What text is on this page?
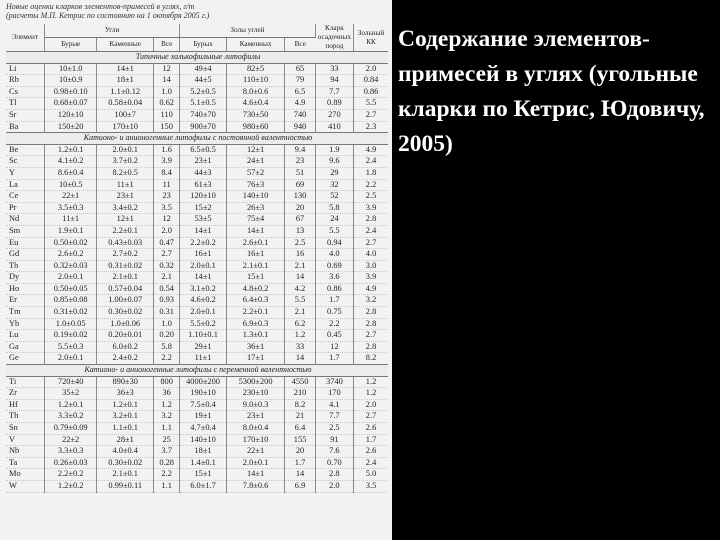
Новые оценки кларков элементов-примесей в углях, г/т
(расчеты М.П. Кетрис по состоянию на 1 октября 2005 г.)
Элемент	Угли			Золы углей			Кларк осадочных пород	Зольный КК
	Бурые	Каменные	Все	Бурых	Каменных	Все		
Типичные халькофильные литофилы								
Li	10±1.0	14±1	12	49±4	82±5	65	33	2.0
Rb	10±0.9	18±1	14	44±5	110±10	79	94	0.84
Cs	0.98±0.10	1.1±0.12	1.0	5.2±0.5	8.0±0.6	6.5	7.7	0.86
Tl	0.68±0.07	0.58±0.04	0.62	5.1±0.5	4.6±0.4	4.9	0.89	5.5
Sr	120±10	100±7	110	740±70	730±50	740	270	2.7
Ba	150±20	170±10	150	900±70	980±60	940	410	2.3
Катионо- и анионогенные литофилы с постоянной валентностью								
Be	1.2±0.1	2.0±0.1	1.6	6.5±0.5	12±1	9.4	1.9	4.9
Sc	4.1±0.2	3.7±0.2	3.9	23±1	24±1	23	9.6	2.4
Y	8.6±0.4	8.2±0.5	8.4	44±3	57±2	51	29	1.8
La	10±0.5	11±1	11	61±3	76±3	69	32	2.2
Ce	22±1	23±1	23	120±10	140±10	130	52	2.5
Pr	3.5±0.3	3.4±0.2	3.5	15±2	26±3	20	5.8	3.9
Nd	11±1	12±1	12	53±5	75±4	67	24	2.8
Sm	1.9±0.1	2.2±0.1	2.0	14±1	14±1	13	5.5	2.4
Eu	0.50±0.02	0.43±0.03	0.47	2.2±0.2	2.6±0.1	2.5	0.94	2.7
Gd	2.6±0.2	2.7±0.2	2.7	16±1	16±1	16	4.0	4.0
Tb	0.32±0.03	0.31±0.02	0.32	2.0±0.1	2.1±0.1	2.1	0.69	3.0
Dy	2.0±0.1	2.1±0.1	2.1	14±1	15±1	14	3.6	3.9
Ho	0.50±0.05	0.57±0.04	0.54	3.1±0.2	4.8±0.2	4.2	0.86	4.9
Er	0.85±0.08	1.00±0.07	0.93	4.6±0.2	6.4±0.3	5.5	1.7	3.2
Tm	0.31±0.02	0.30±0.02	0.31	2.0±0.1	2.2±0.1	2.1	0.75	2.8
Yb	1.0±0.05	1.0±0.06	1.0	5.5±0.2	6.9±0.3	6.2	2.2	2.8
Lu	0.19±0.02	0.20±0.01	0.20	1.10±0.1	1.3±0.1	1.2	0.45	2.7
Ga	5.5±0.3	6.0±0.2	5.8	29±1	36±1	33	12	2.8
Ge	2.0±0.1	2.4±0.2	2.2	11±1	17±1	14	1.7	8.2
Катионо- и анионогенные литофилы с переменной валентностью								
Ti	720±40	890±30	800	4000±200	5300±200	4550	3740	1.2
Zr	35±2	36±3	36	190±10	230±10	210	170	1.2
Hf	1.2±0.1	1.2±0.1	1.2	7.5±0.4	9.0±0.3	8.2	4.1	2.0
Th	3.3±0.2	3.2±0.1	3.2	19±1	23±1	21	7.7	2.7
Sn	0.79±0.09	1.1±0.1	1.1	4.7±0.4	8.0±0.4	6.4	2.5	2.6
V	22±2	28±1	25	140±10	170±10	155	91	1.7
Nb	3.3±0.3	4.0±0.4	3.7	18±1	22±1	20	7.6	2.6
Ta	0.26±0.03	0.30±0.02	0.28	1.4±0.1	2.0±0.1	1.7	0.70	2.4
Mo	2.2±0.2	2.1±0.1	2.2	15±1	14±1	14	2.8	5.0
W	1.2±0.2	0.99±0.11	1.1	6.0±1.7	7.8±0.6	6.9	2.0	3.5
Содержание элементов-примесей в углях (угольные кларки по Кетрис, Юдовичу, 2005)
